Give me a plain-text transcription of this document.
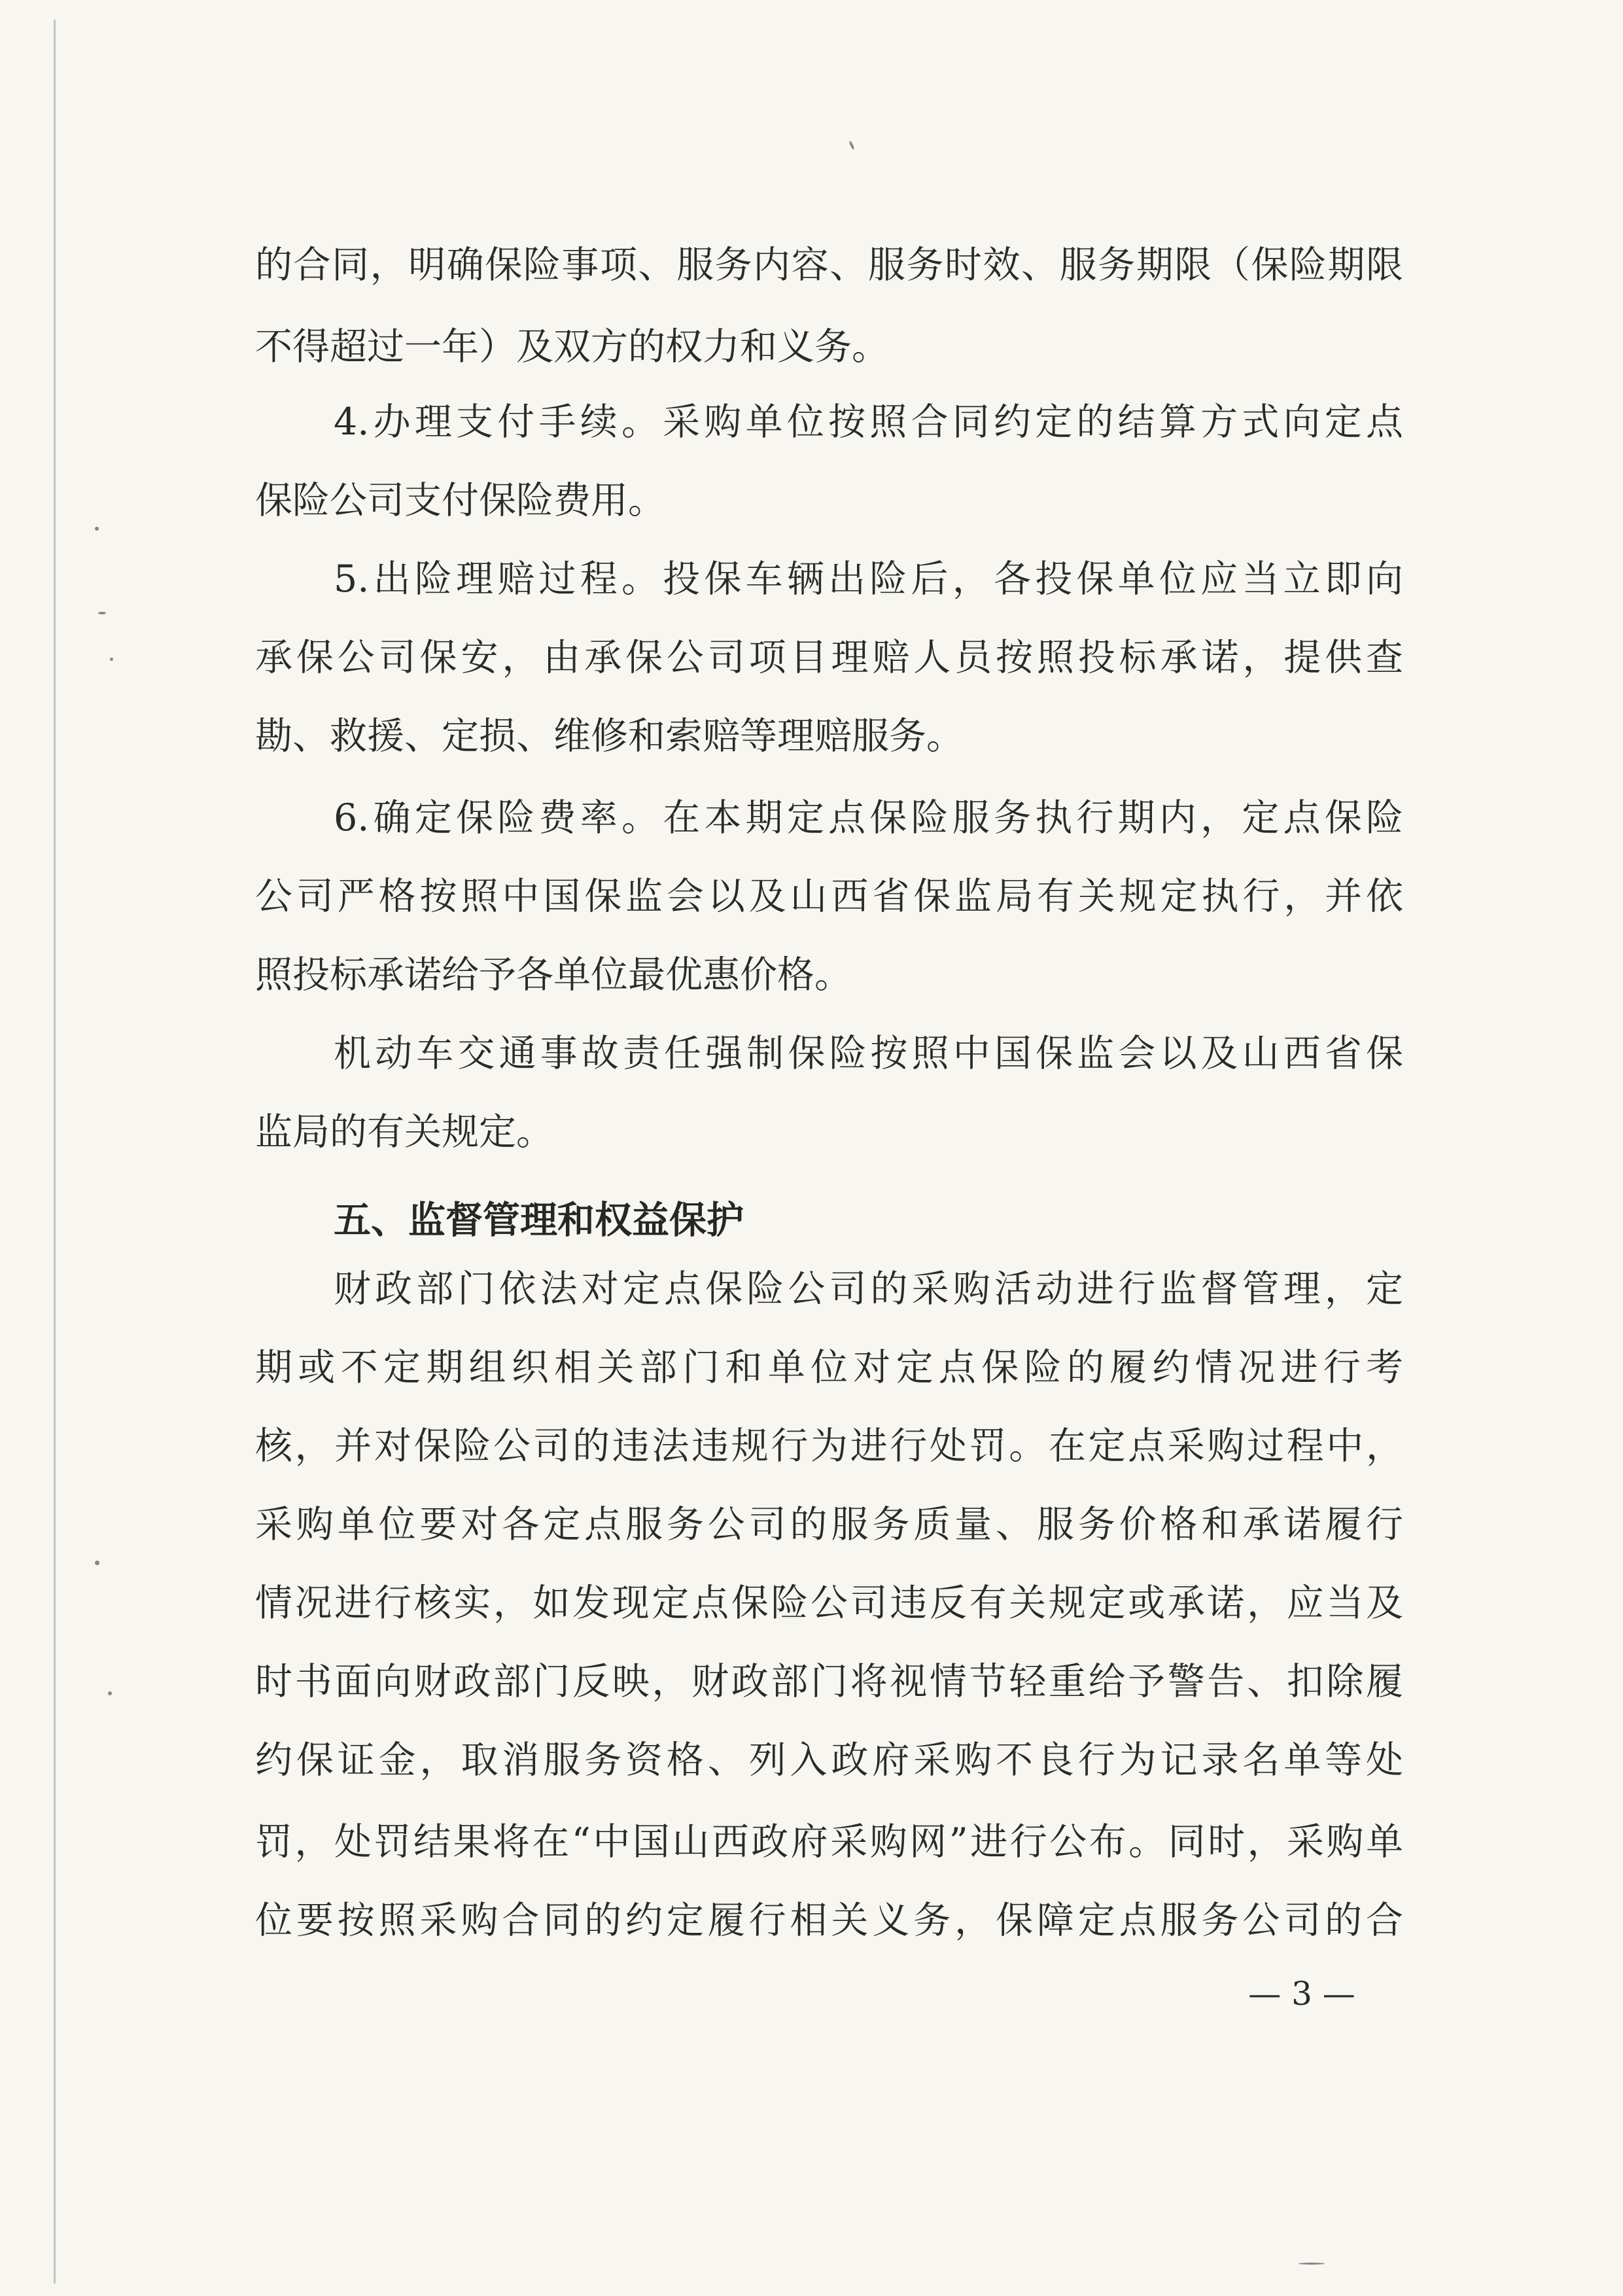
的合同，明确保险事项、服务内容、服务时效、服务期限（保险期限
不得超过一年）及双方的权力和义务。
4.办理支付手续。采购单位按照合同约定的结算方式向定点
保险公司支付保险费用。
5.出险理赔过程。投保车辆出险后，各投保单位应当立即向
承保公司保安，由承保公司项目理赔人员按照投标承诺，提供查
勘、救援、定损、维修和索赔等理赔服务。
6.确定保险费率。在本期定点保险服务执行期内，定点保险
公司严格按照中国保监会以及山西省保监局有关规定执行，并依
照投标承诺给予各单位最优惠价格。
机动车交通事故责任强制保险按照中国保监会以及山西省保
监局的有关规定。
五、监督管理和权益保护
财政部门依法对定点保险公司的采购活动进行监督管理，定
期或不定期组织相关部门和单位对定点保险的履约情况进行考
核，并对保险公司的违法违规行为进行处罚。在定点采购过程中，
采购单位要对各定点服务公司的服务质量、服务价格和承诺履行
情况进行核实，如发现定点保险公司违反有关规定或承诺，应当及
时书面向财政部门反映，财政部门将视情节轻重给予警告、扣除履
约保证金，取消服务资格、列入政府采购不良行为记录名单等处
罚，处罚结果将在“中国山西政府采购网”进行公布。同时，采购单
位要按照采购合同的约定履行相关义务，保障定点服务公司的合
— 3 —
